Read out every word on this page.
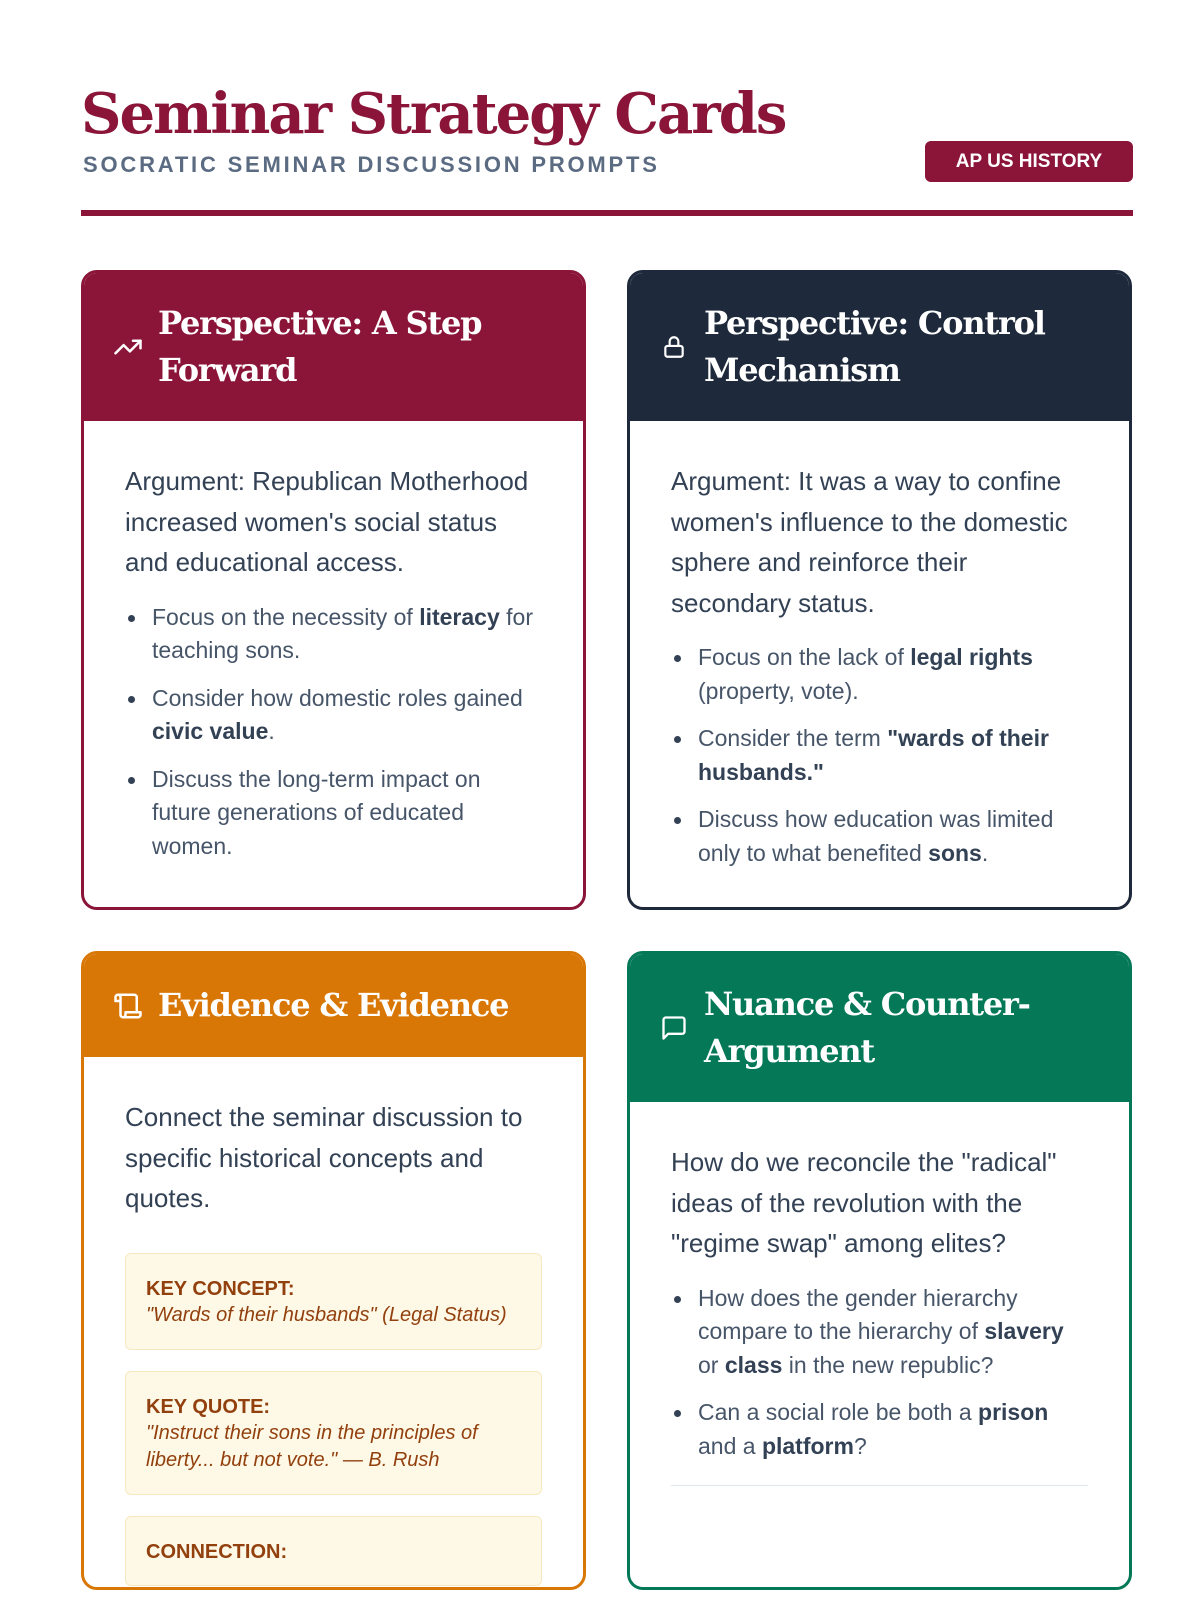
Seminar Strategy Cards
SOCRATIC SEMINAR DISCUSSION PROMPTS	AP US HISTORY
Perspective: A Step Forward

Argument: Republican Motherhood increased women's social status and educational access.

Focus on the necessity of literacy for teaching sons.
Consider how domestic roles gained civic value.
Discuss the long-term impact on future generations of educated women.
Perspective: Control Mechanism

Argument: It was a way to confine women's influence to the domestic sphere and reinforce their secondary status.

Focus on the lack of legal rights (property, vote).
Consider the term "wards of their husbands."
Discuss how education was limited only to what benefited sons.
Evidence & Evidence

Connect the seminar discussion to specific historical concepts and quotes.

KEY CONCEPT:
"Wards of their husbands" (Legal Status)
KEY QUOTE:
"Instruct their sons in the principles of liberty... but not vote." — B. Rush
CONNECTION:
Nuance & Counter-Argument

How do we reconcile the "radical" ideas of the revolution with the "regime swap" among elites?

How does the gender hierarchy compare to the hierarchy of slavery or class in the new republic?
Can a social role be both a prison and a platform?
